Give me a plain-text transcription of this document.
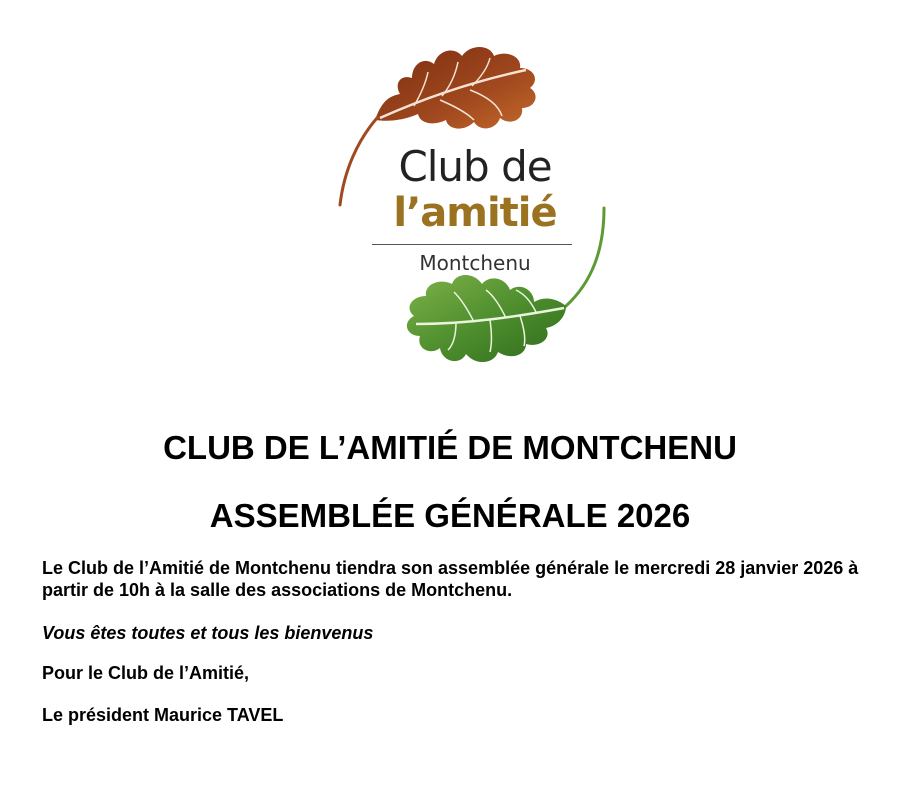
Club de
l’amitié
Montchenu
CLUB DE L’AMITIÉ DE MONTCHENU
ASSEMBLÉE GÉNÉRALE 2026
Le Club de l’Amitié de Montchenu tiendra son assemblée générale le mercredi 28 janvier 2026 à partir de 10h à la salle des associations de Montchenu.
Vous êtes toutes et tous les bienvenus
Pour le Club de l’Amitié,
Le président Maurice TAVEL
